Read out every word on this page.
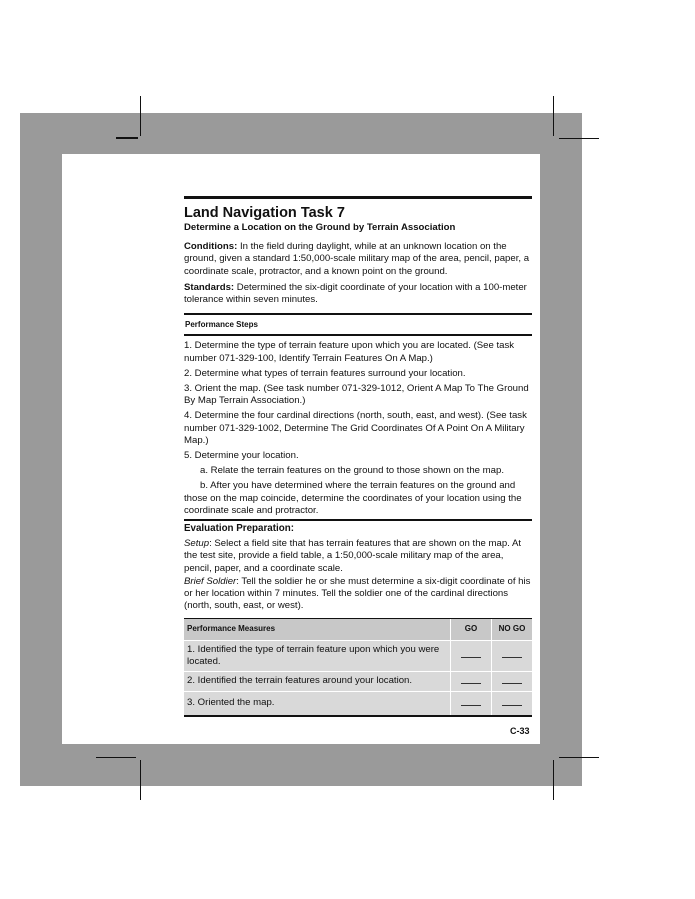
Land Navigation Task 7
Determine a Location on the Ground by Terrain Association
Conditions: In the field during daylight, while at an unknown location on the ground, given a standard 1:50,000-scale military map of the area, pencil, paper, a coordinate scale, protractor, and a known point on the ground.
Standards: Determined the six-digit coordinate of your location with a 100-meter tolerance within seven minutes.
Performance Steps
1. Determine the type of terrain feature upon which you are located. (See task number 071-329-100, Identify Terrain Features On A Map.)
2. Determine what types of terrain features surround your location.
3. Orient the map. (See task number 071-329-1012, Orient A Map To The Ground By Map Terrain Association.)
4. Determine the four cardinal directions (north, south, east, and west). (See task number 071-329-1002, Determine The Grid Coordinates Of A Point On A Military Map.)
5. Determine your location.
a. Relate the terrain features on the ground to those shown on the map.
b. After you have determined where the terrain features on the ground and those on the map coincide, determine the coordinates of your location using the coordinate scale and protractor.
Evaluation Preparation:
Setup: Select a field site that has terrain features that are shown on the map. At the test site, provide a field table, a 1:50,000-scale military map of the area, pencil, paper, and a coordinate scale.
Brief Soldier: Tell the soldier he or she must determine a six-digit coordinate of his or her location within 7 minutes. Tell the soldier one of the cardinal directions (north, south, east, or west).
Performance Measures	GO	NO GO
1. Identified the type of terrain feature upon which you were located.		
2. Identified the terrain features around your location.		
3. Oriented the map.		
C-33
